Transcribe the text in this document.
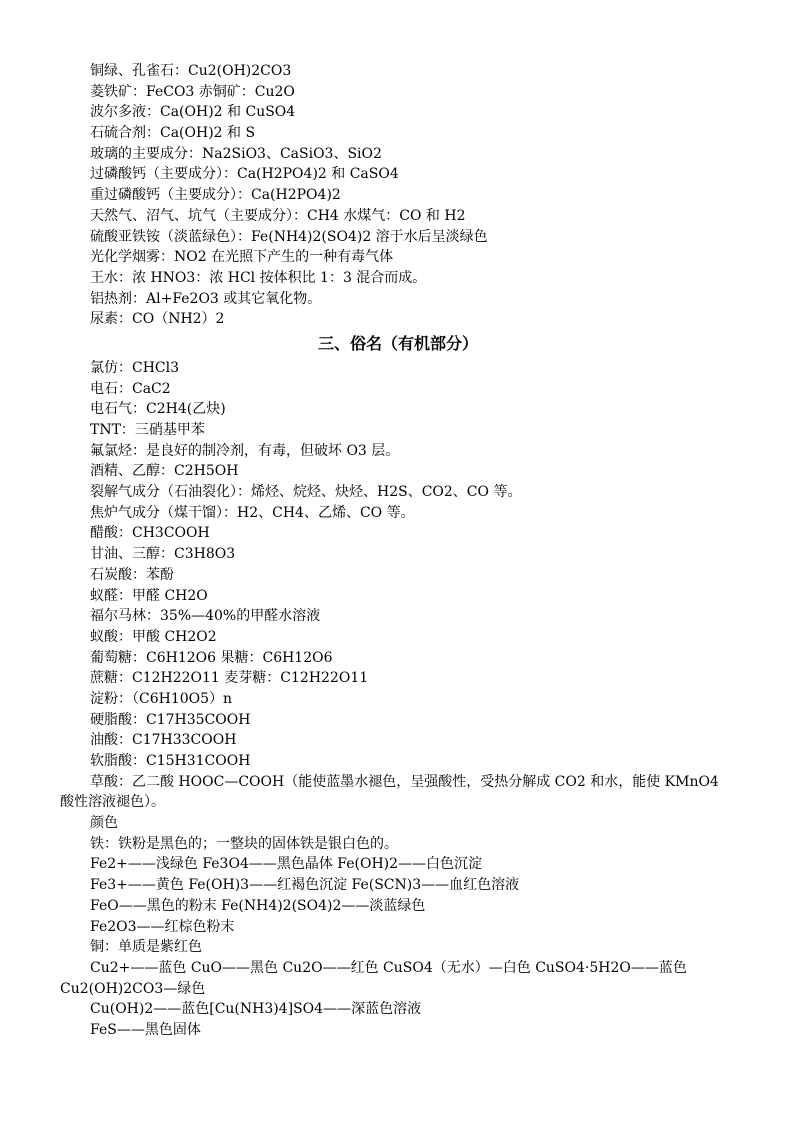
铜绿、孔雀石：Cu2(OH)2CO3
菱铁矿：FeCO3 赤铜矿：Cu2O
波尔多液：Ca(OH)2 和 CuSO4
石硫合剂：Ca(OH)2 和 S
玻璃的主要成分：Na2SiO3、CaSiO3、SiO2
过磷酸钙（主要成分）：Ca(H2PO4)2 和 CaSO4
重过磷酸钙（主要成分）：Ca(H2PO4)2
天然气、沼气、坑气（主要成分）：CH4 水煤气：CO 和 H2
硫酸亚铁铵（淡蓝绿色）：Fe(NH4)2(SO4)2 溶于水后呈淡绿色
光化学烟雾：NO2 在光照下产生的一种有毒气体
王水：浓 HNO3：浓 HCl 按体积比 1：3 混合而成。
铝热剂：Al+Fe2O3 或其它氧化物。
尿素：CO（NH2）2
三、俗名（有机部分）
氯仿：CHCl3
电石：CaC2
电石气：C2H4(乙炔)
TNT：三硝基甲苯
氟氯烃：是良好的制冷剂，有毒，但破坏 O3 层。
酒精、乙醇：C2H5OH
裂解气成分（石油裂化）：烯烃、烷烃、炔烃、H2S、CO2、CO 等。
焦炉气成分（煤干馏）：H2、CH4、乙烯、CO 等。
醋酸：CH3COOH
甘油、三醇：C3H8O3
石炭酸：苯酚
蚁醛：甲醛 CH2O
福尔马林：35%—40%的甲醛水溶液
蚁酸：甲酸 CH2O2
葡萄糖：C6H12O6 果糖：C6H12O6
蔗糖：C12H22O11 麦芽糖：C12H22O11
淀粉：（C6H10O5）n
硬脂酸：C17H35COOH
油酸：C17H33COOH
软脂酸：C15H31COOH
草酸：乙二酸 HOOC—COOH（能使蓝墨水褪色，呈强酸性，受热分解成 CO2 和水，能使 KMnO4
酸性溶液褪色）。
颜色
铁：铁粉是黑色的；一整块的固体铁是银白色的。
Fe2+——浅绿色 Fe3O4——黑色晶体 Fe(OH)2——白色沉淀
Fe3+——黄色 Fe(OH)3——红褐色沉淀 Fe(SCN)3——血红色溶液
FeO——黑色的粉末 Fe(NH4)2(SO4)2——淡蓝绿色
Fe2O3——红棕色粉末
铜：单质是紫红色
Cu2+——蓝色 CuO——黑色 Cu2O——红色 CuSO4（无水）—白色 CuSO4·5H2O——蓝色
Cu2(OH)2CO3—绿色
Cu(OH)2——蓝色[Cu(NH3)4]SO4——深蓝色溶液
FeS——黑色固体
